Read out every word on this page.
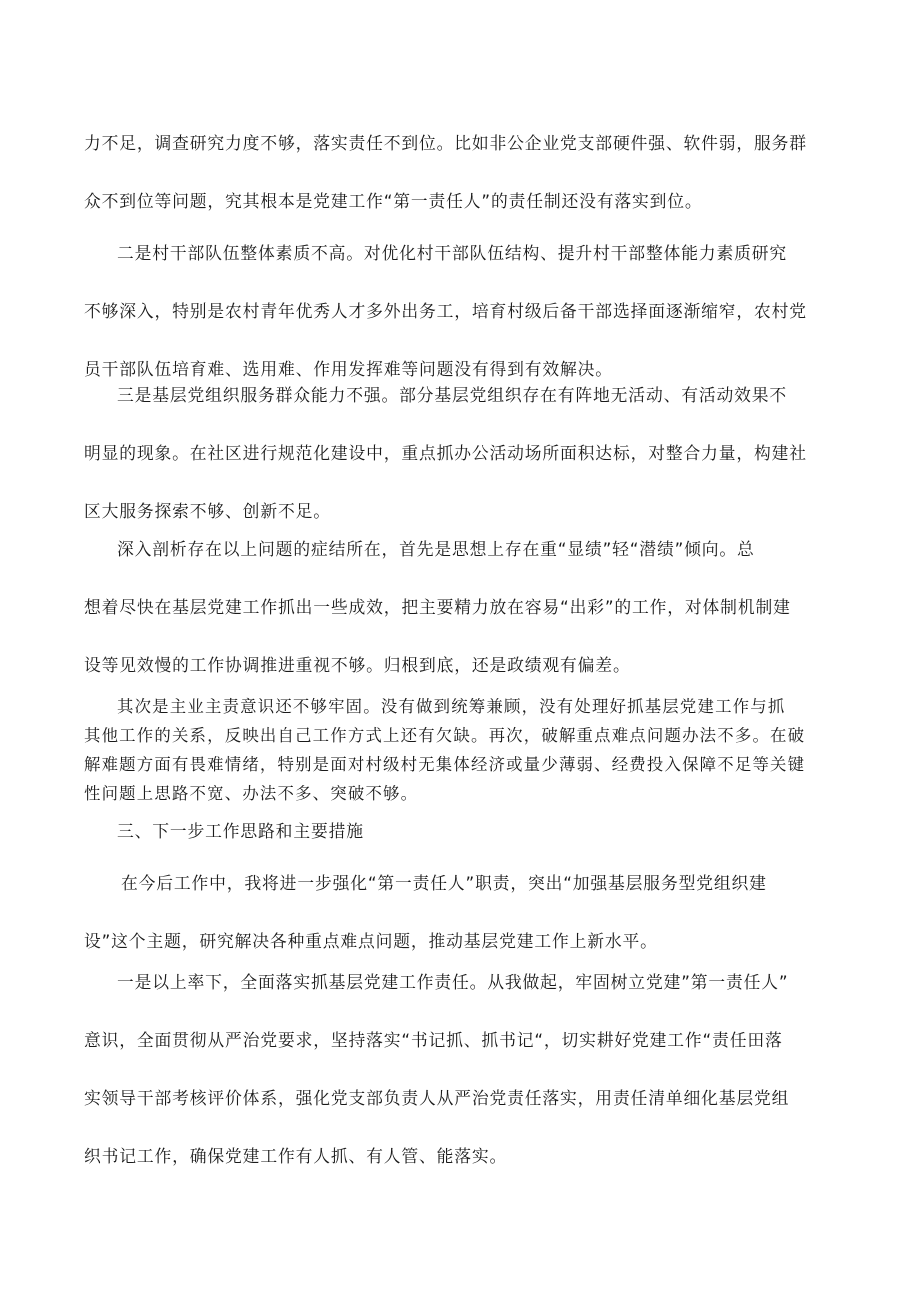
力不足，调查研究力度不够，落实责任不到位。比如非公企业党支部硬件强、软件弱，服务群
众不到位等问题，究其根本是党建工作“第一责任人”的责任制还没有落实到位。
二是村干部队伍整体素质不高。对优化村干部队伍结构、提升村干部整体能力素质研究
不够深入，特别是农村青年优秀人才多外出务工，培育村级后备干部选择面逐渐缩窄，农村党
员干部队伍培育难、选用难、作用发挥难等问题没有得到有效解决。
三是基层党组织服务群众能力不强。部分基层党组织存在有阵地无活动、有活动效果不
明显的现象。在社区进行规范化建设中，重点抓办公活动场所面积达标，对整合力量，构建社
区大服务探索不够、创新不足。
深入剖析存在以上问题的症结所在，首先是思想上存在重“显绩”轻“潜绩”倾向。总
想着尽快在基层党建工作抓出一些成效，把主要精力放在容易“出彩”的工作，对体制机制建
设等见效慢的工作协调推进重视不够。归根到底，还是政绩观有偏差。
其次是主业主责意识还不够牢固。没有做到统筹兼顾，没有处理好抓基层党建工作与抓
其他工作的关系，反映出自己工作方式上还有欠缺。再次，破解重点难点问题办法不多。在破
解难题方面有畏难情绪，特别是面对村级村无集体经济或量少薄弱、经费投入保障不足等关键
性问题上思路不宽、办法不多、突破不够。
三、下一步工作思路和主要措施
在今后工作中，我将进一步强化“第一责任人”职责，突出“加强基层服务型党组织建
设”这个主题，研究解决各种重点难点问题，推动基层党建工作上新水平。
一是以上率下，全面落实抓基层党建工作责任。从我做起，牢固树立党建”第一责任人”
意识，全面贯彻从严治党要求，坚持落实“书记抓、抓书记“，切实耕好党建工作“责任田落
实领导干部考核评价体系，强化党支部负责人从严治党责任落实，用责任清单细化基层党组
织书记工作，确保党建工作有人抓、有人管、能落实。
